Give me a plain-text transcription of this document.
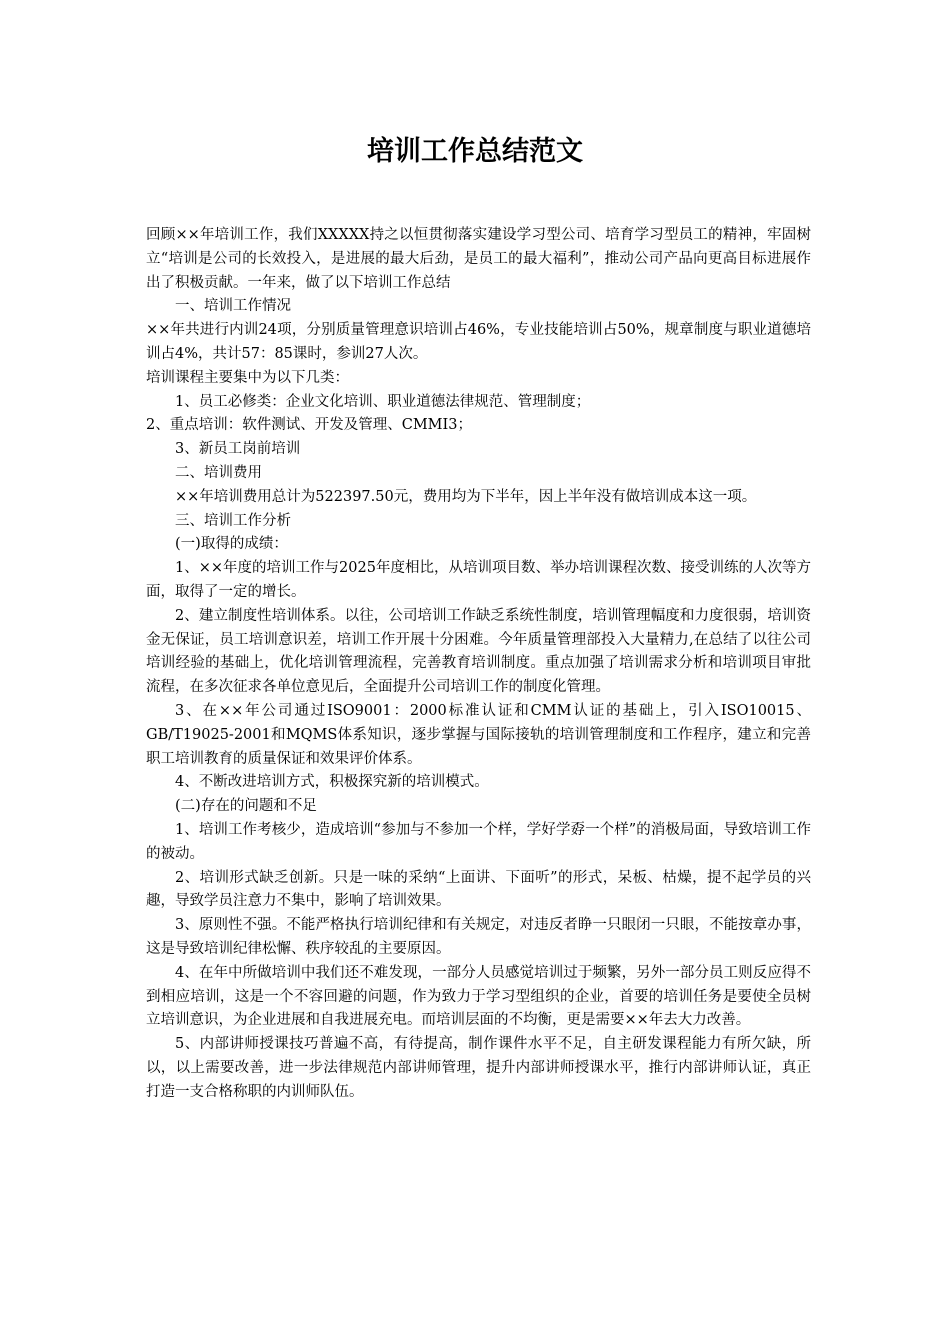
培训工作总结范文

回顾××年培训工作，我们XXXXX持之以恒贯彻落实建设学习型公司、培育学习型员工的精神，牢固树立“培训是公司的长效投入，是进展的最大后劲，是员工的最大福利”，推动公司产品向更高目标进展作出了积极贡献。一年来，做了以下培训工作总结

一、培训工作情况

××年共进行内训24项，分别质量管理意识培训占46%，专业技能培训占50%，规章制度与职业道德培训占4%，共计57：85课时，参训27人次。

培训课程主要集中为以下几类：

1、员工必修类：企业文化培训、职业道德法律规范、管理制度；

2、重点培训：软件测试、开发及管理、CMMI3；

3、新员工岗前培训

二、培训费用

××年培训费用总计为522397.50元，费用均为下半年，因上半年没有做培训成本这一项。

三、培训工作分析

(一)取得的成绩：

1、××年度的培训工作与2025年度相比，从培训项目数、举办培训课程次数、接受训练的人次等方面，取得了一定的增长。

2、建立制度性培训体系。以往，公司培训工作缺乏系统性制度，培训管理幅度和力度很弱，培训资金无保证，员工培训意识差，培训工作开展十分困难。今年质量管理部投入大量精力,在总结了以往公司培训经验的基础上，优化培训管理流程，完善教育培训制度。重点加强了培训需求分析和培训项目审批流程，在多次征求各单位意见后，全面提升公司培训工作的制度化管理。

3、在××年公司通过ISO9001：2000标准认证和CMM认证的基础上，引入ISO10015、GB/T19025-2001和MQMS体系知识，逐步掌握与国际接轨的培训管理制度和工作程序，建立和完善职工培训教育的质量保证和效果评价体系。

4、不断改进培训方式，积极探究新的培训模式。

(二)存在的问题和不足

1、培训工作考核少，造成培训“参加与不参加一个样，学好学孬一个样”的消极局面，导致培训工作的被动。

2、培训形式缺乏创新。只是一味的采纳“上面讲、下面听”的形式，呆板、枯燥，提不起学员的兴趣，导致学员注意力不集中，影响了培训效果。

3、原则性不强。不能严格执行培训纪律和有关规定，对违反者睁一只眼闭一只眼，不能按章办事，这是导致培训纪律松懈、秩序较乱的主要原因。

4、在年中所做培训中我们还不难发现，一部分人员感觉培训过于频繁，另外一部分员工则反应得不到相应培训，这是一个不容回避的问题，作为致力于学习型组织的企业，首要的培训任务是要使全员树立培训意识，为企业进展和自我进展充电。而培训层面的不均衡，更是需要××年去大力改善。

5、内部讲师授课技巧普遍不高，有待提高，制作课件水平不足，自主研发课程能力有所欠缺，所以，以上需要改善，进一步法律规范内部讲师管理，提升内部讲师授课水平，推行内部讲师认证，真正打造一支合格称职的内训师队伍。
